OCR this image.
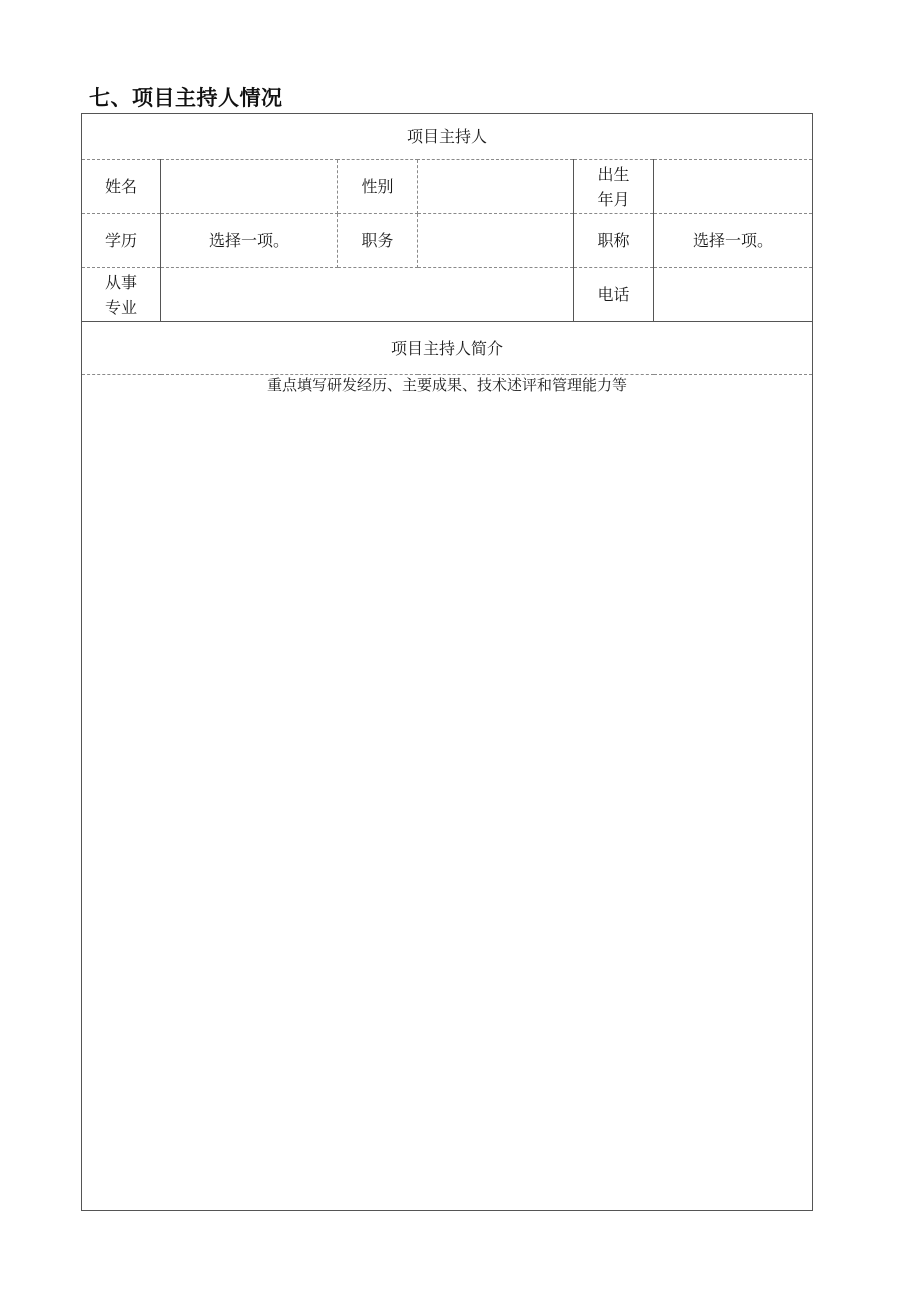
七、项目主持人情况
项目主持人					
姓名		性别		出生
年月	

学历	选择一项。	职务		职称	选择一项。

从事
专业				电话	
项目主持人简介					
重点填写研发经历、主要成果、技术述评和管理能力等					
